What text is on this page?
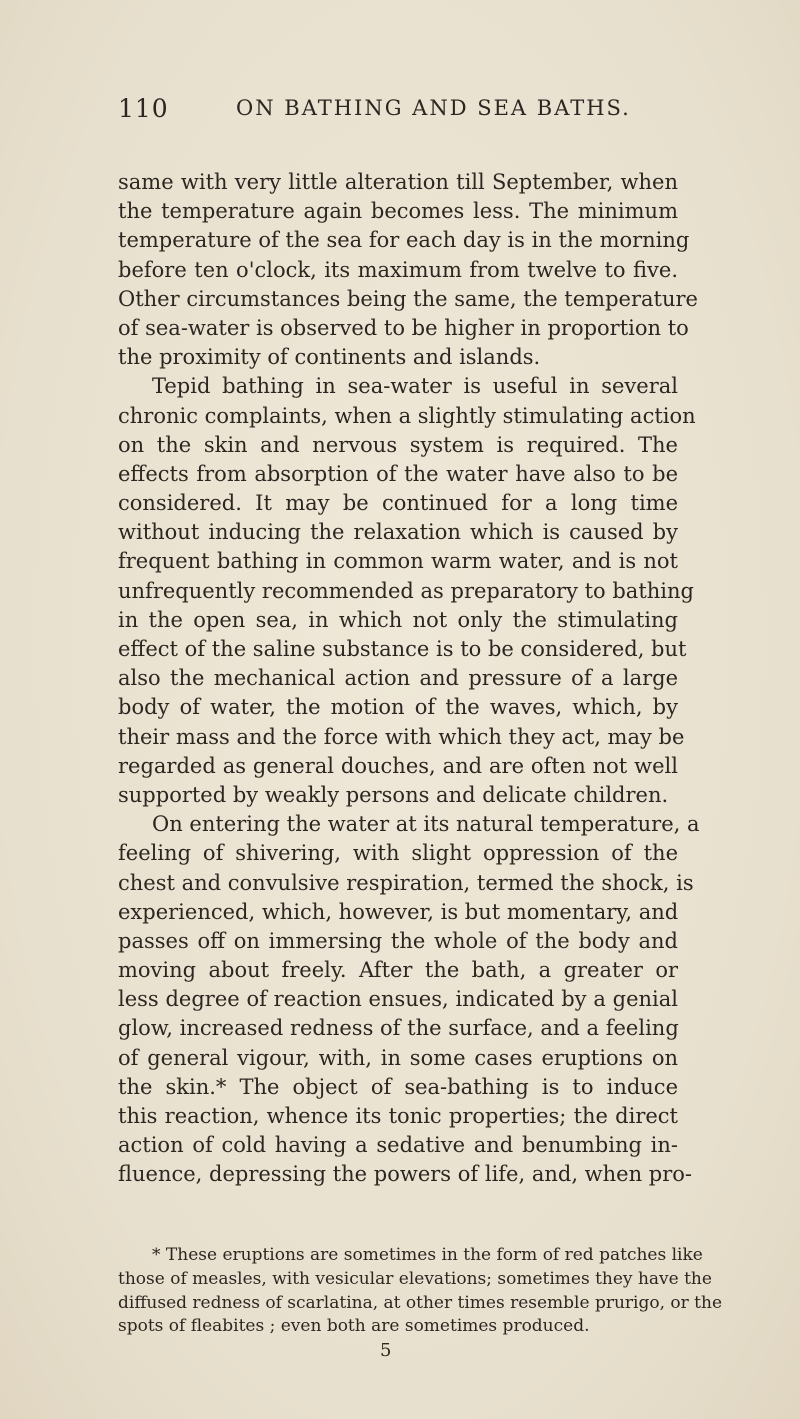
110	ON BATHING AND SEA BATHS.
same with very little alteration till September, when
the temperature again becomes less. The minimum
temperature of the sea for each day is in the morning
before ten o'clock, its maximum from twelve to five.
Other circumstances being the same, the temperature
of sea-water is observed to be higher in proportion to
the proximity of continents and islands.
Tepid bathing in sea-water is useful in several
chronic complaints, when a slightly stimulating action
on the skin and nervous system is required. The
effects from absorption of the water have also to be
considered. It may be continued for a long time
without inducing the relaxation which is caused by
frequent bathing in common warm water, and is not
unfrequently recommended as preparatory to bathing
in the open sea, in which not only the stimulating
effect of the saline substance is to be considered, but
also the mechanical action and pressure of a large
body of water, the motion of the waves, which, by
their mass and the force with which they act, may be
regarded as general douches, and are often not well
supported by weakly persons and delicate children.
On entering the water at its natural temperature, a
feeling of shivering, with slight oppression of the
chest and convulsive respiration, termed the shock, is
experienced, which, however, is but momentary, and
passes off on immersing the whole of the body and
moving about freely. After the bath, a greater or
less degree of reaction ensues, indicated by a genial
glow, increased redness of the surface, and a feeling
of general vigour, with, in some cases eruptions on
the skin.* The object of sea-bathing is to induce
this reaction, whence its tonic properties; the direct
action of cold having a sedative and benumbing in-
fluence, depressing the powers of life, and, when pro-
* These eruptions are sometimes in the form of red patches like
those of measles, with vesicular elevations; sometimes they have the
diffused redness of scarlatina, at other times resemble prurigo, or the
spots of fleabites ; even both are sometimes produced.
5
